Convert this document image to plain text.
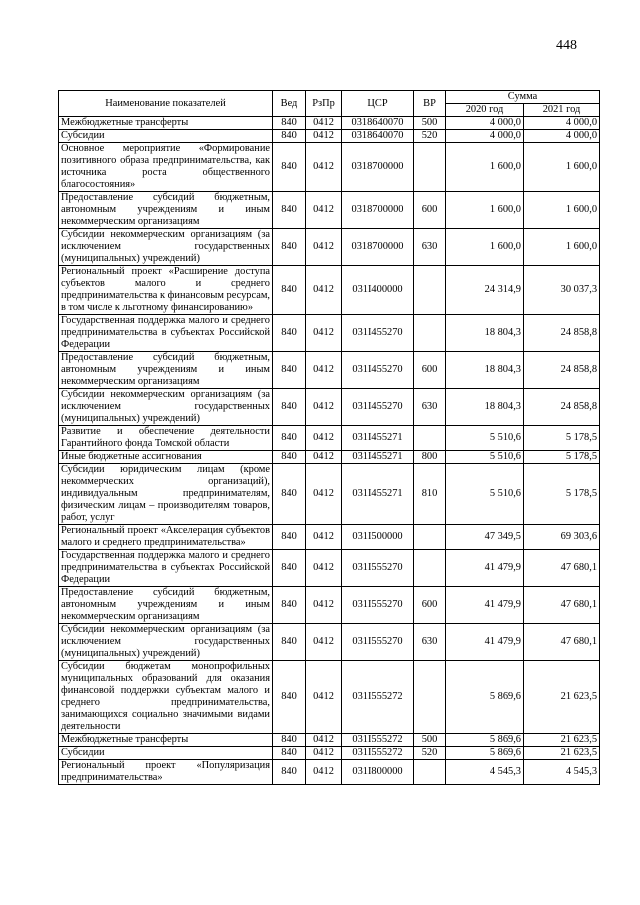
448
Наименование показателей	Вед	РзПр	ЦСР	ВР	Сумма	
					2020 год	2021 год
Межбюджетные трансферты	840	0412	0318640070	500	4 000,0	4 000,0
Субсидии	840	0412	0318640070	520	4 000,0	4 000,0
Основное мероприятие «Формирование позитивного образа предпринимательства, как источника роста общественного благосостояния»	840	0412	0318700000		1 600,0	1 600,0
Предоставление субсидий бюджетным, автономным учреждениям и иным некоммерческим организациям	840	0412	0318700000	600	1 600,0	1 600,0
Субсидии некоммерческим организациям (за исключением государственных (муниципальных) учреждений)	840	0412	0318700000	630	1 600,0	1 600,0
Региональный проект «Расширение доступа субъектов малого и среднего предпринимательства к финансовым ресурсам, в том числе к льготному финансированию»	840	0412	031I400000		24 314,9	30 037,3
Государственная поддержка малого и среднего предпринимательства в субъектах Российской Федерации	840	0412	031I455270		18 804,3	24 858,8
Предоставление субсидий бюджетным, автономным учреждениям и иным некоммерческим организациям	840	0412	031I455270	600	18 804,3	24 858,8
Субсидии некоммерческим организациям (за исключением государственных (муниципальных) учреждений)	840	0412	031I455270	630	18 804,3	24 858,8
Развитие и обеспечение деятельности Гарантийного фонда Томской области	840	0412	031I455271		5 510,6	5 178,5
Иные бюджетные ассигнования	840	0412	031I455271	800	5 510,6	5 178,5
Субсидии юридическим лицам (кроме некоммерческих организаций), индивидуальным предпринимателям, физическим лицам – производителям товаров, работ, услуг	840	0412	031I455271	810	5 510,6	5 178,5
Региональный проект «Акселерация субъектов малого и среднего предпринимательства»	840	0412	031I500000		47 349,5	69 303,6
Государственная поддержка малого и среднего предпринимательства в субъектах Российской Федерации	840	0412	031I555270		41 479,9	47 680,1
Предоставление субсидий бюджетным, автономным учреждениям и иным некоммерческим организациям	840	0412	031I555270	600	41 479,9	47 680,1
Субсидии некоммерческим организациям (за исключением государственных (муниципальных) учреждений)	840	0412	031I555270	630	41 479,9	47 680,1
Субсидии бюджетам монопрофильных муниципальных образований для оказания финансовой поддержки субъектам малого и среднего предпринимательства, занимающихся социально значимыми видами деятельности	840	0412	031I555272		5 869,6	21 623,5
Межбюджетные трансферты	840	0412	031I555272	500	5 869,6	21 623,5
Субсидии	840	0412	031I555272	520	5 869,6	21 623,5
Региональный проект «Популяризация предпринимательства»	840	0412	031I800000		4 545,3	4 545,3
